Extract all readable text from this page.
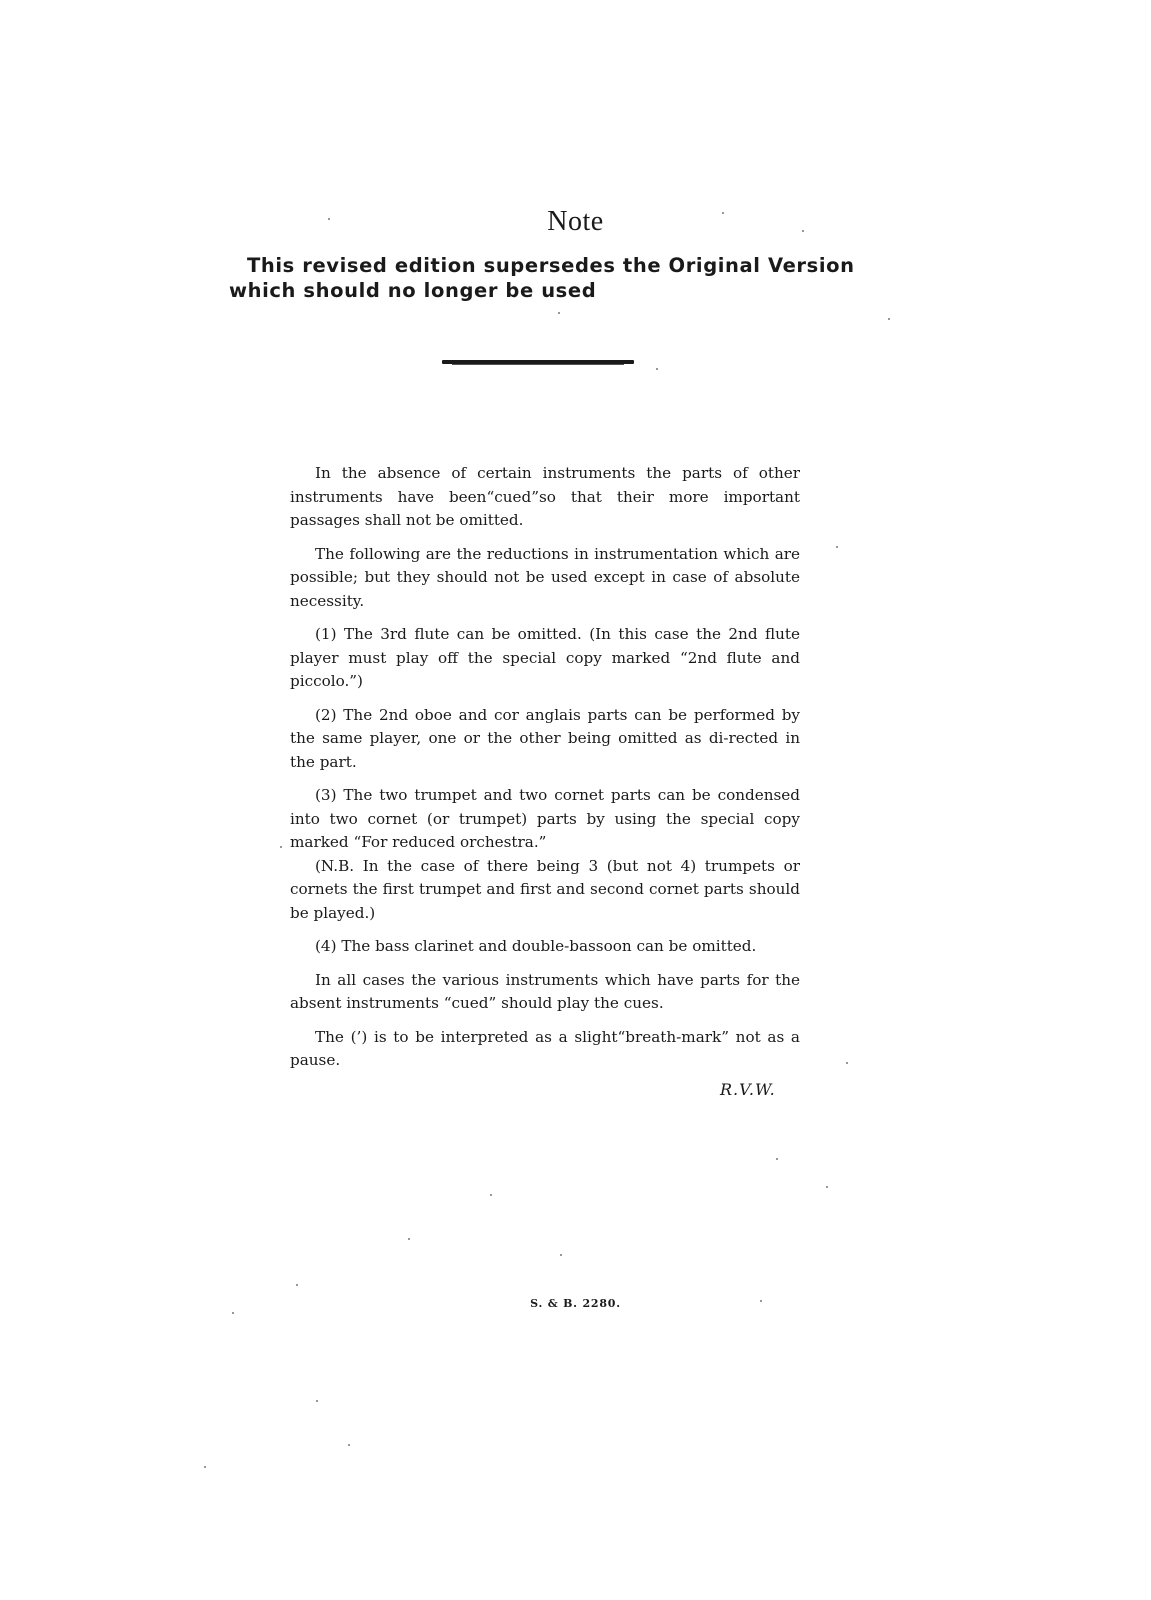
Note

This revised edition supersedes the Original Version

which should no longer be used

In the absence of certain instruments the parts of other instruments have been“cued”so that their more important passages shall not be omitted.

The following are the reductions in instrumentation which are possible; but they should not be used except in case of absolute necessity.

(1) The 3rd flute can be omitted. (In this case the 2nd flute player must play off the special copy marked “2nd flute and piccolo.”)

(2) The 2nd oboe and cor anglais parts can be performed by the same player, one or the other being omitted as di-rected in the part.

(3) The two trumpet and two cornet parts can be condensed into two cornet (or trumpet) parts by using the special copy marked “For reduced orchestra.”

(N.B. In the case of there being 3 (but not 4) trumpets or cornets the first trumpet and first and second cornet parts should be played.)

(4) The bass clarinet and double-bassoon can be omitted.

In all cases the various instruments which have parts for the absent instruments “cued” should play the cues.

The (’) is to be interpreted as a slight“breath-mark” not as a pause.

R.V.W.

S. & B. 2280.
